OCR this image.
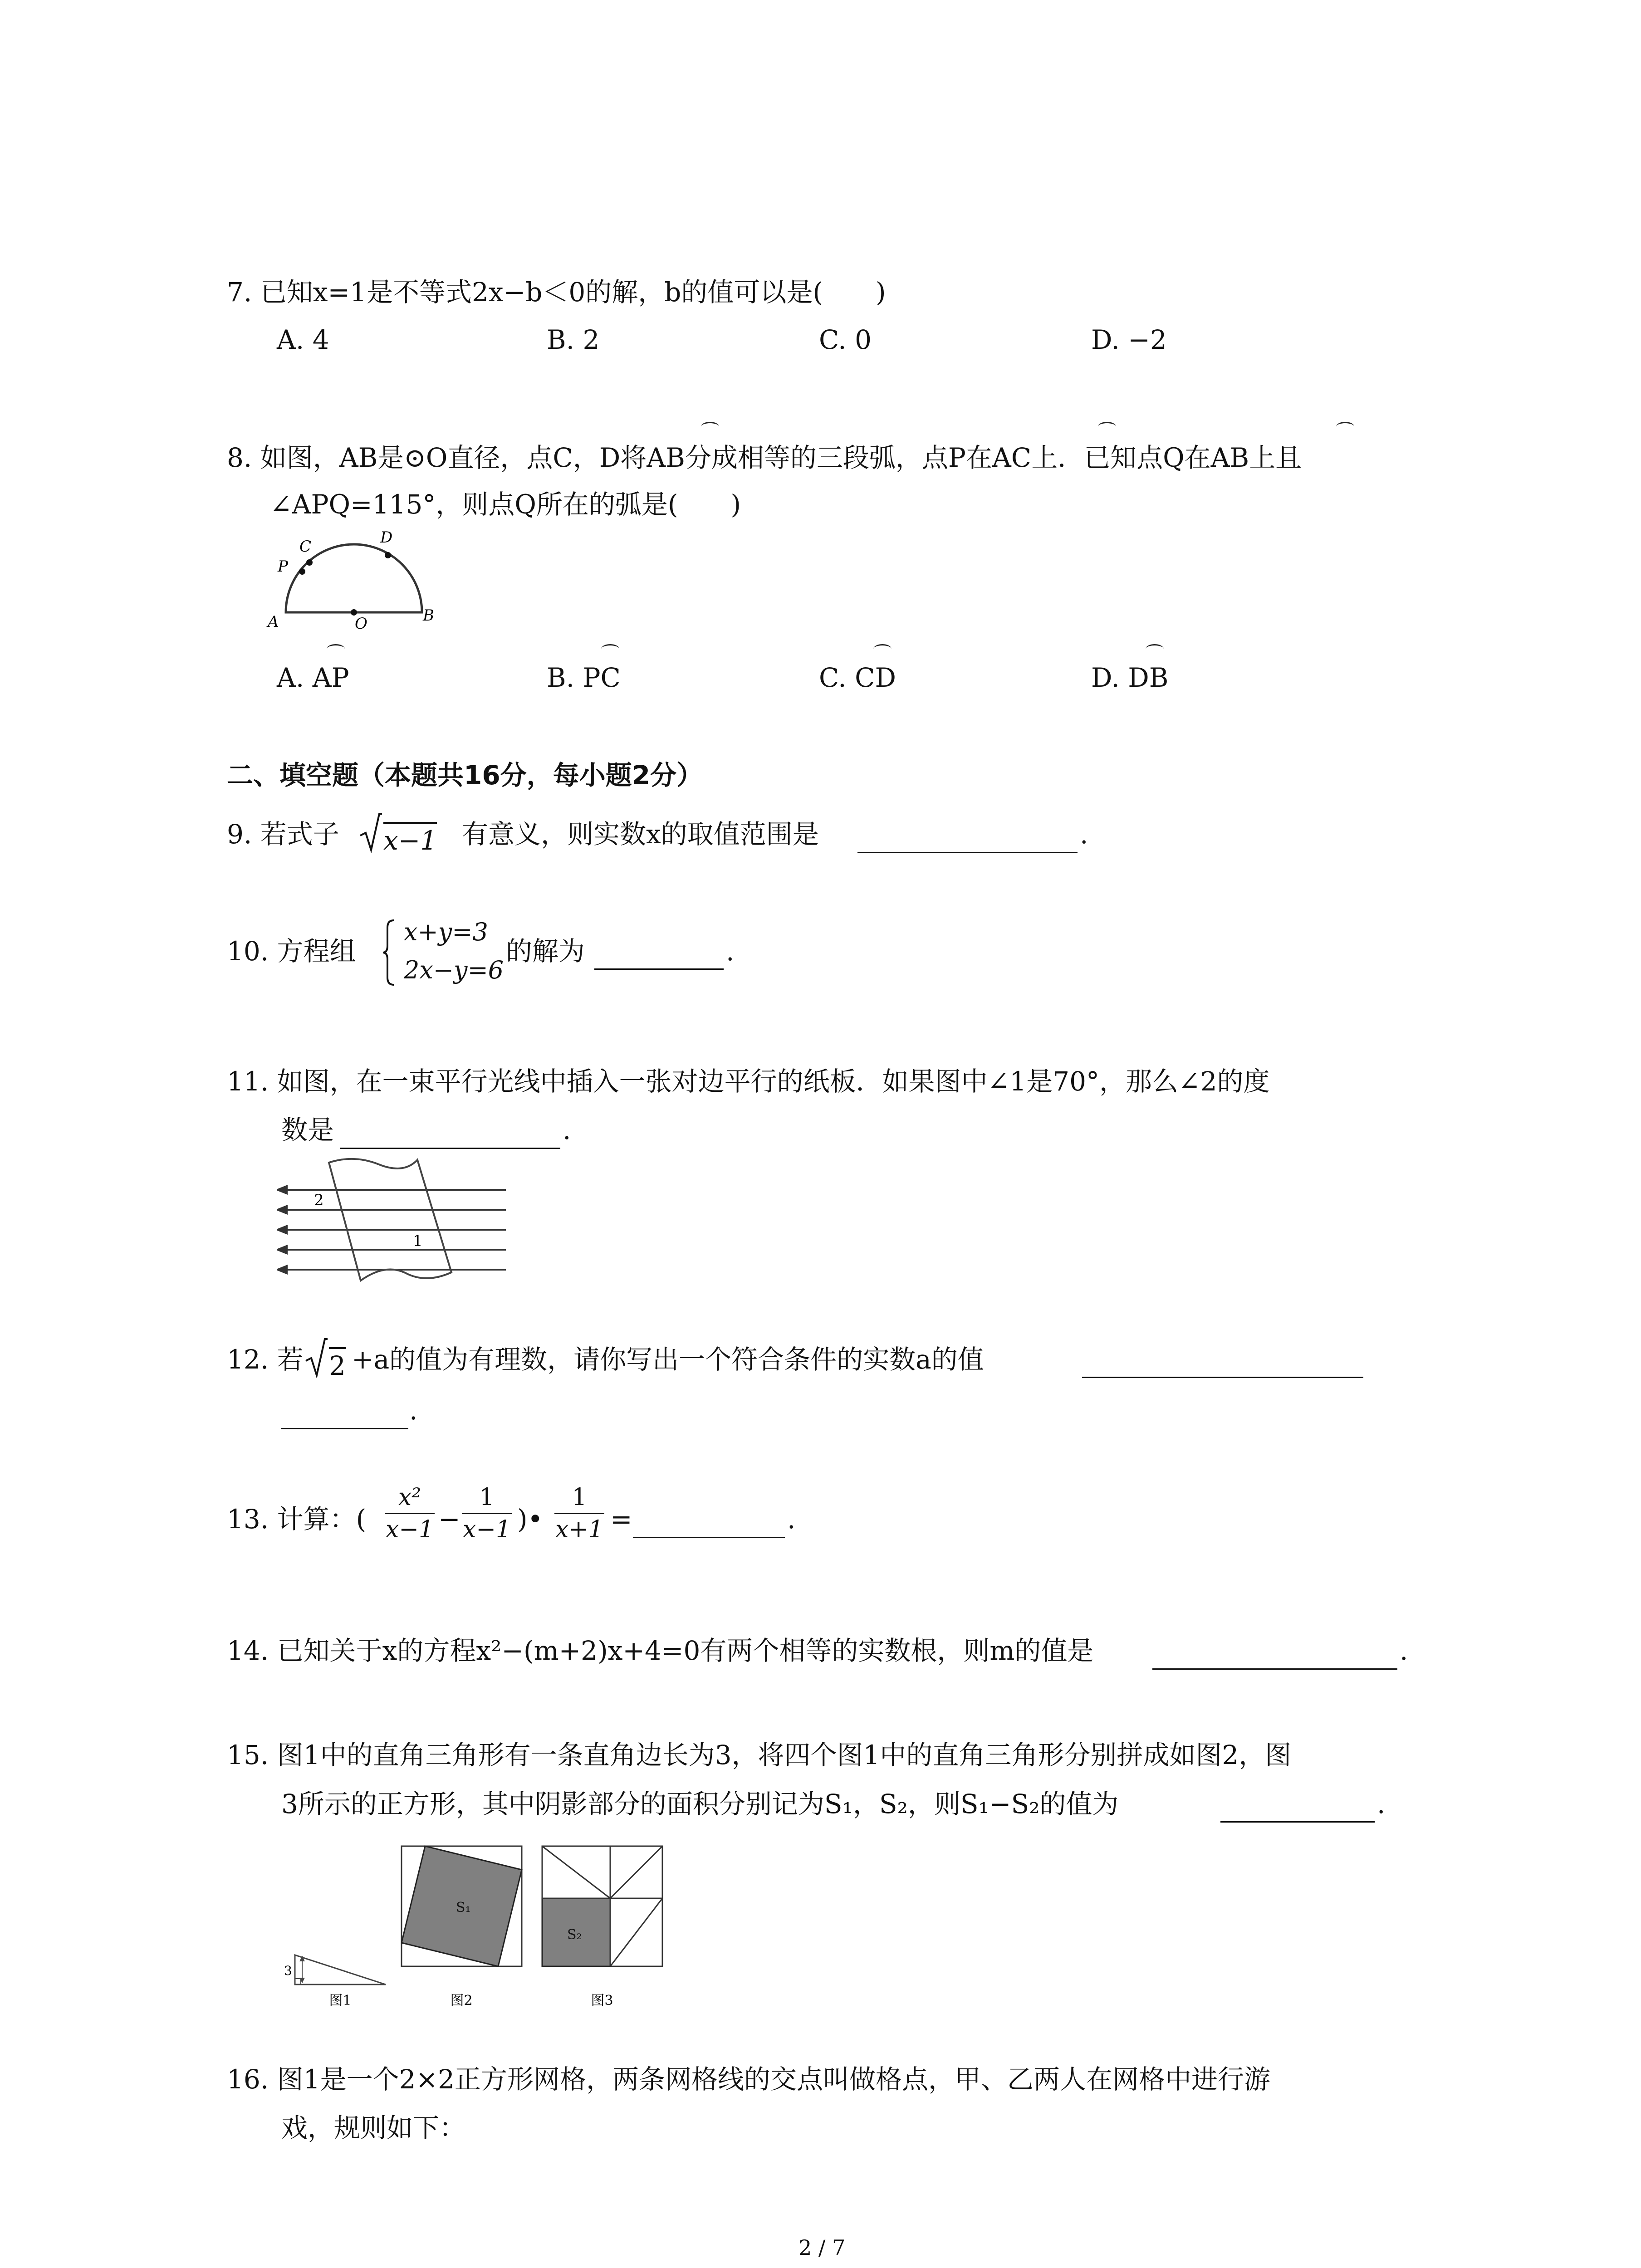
7. 已知x=1是不等式2x−b＜0的解，b的值可以是(　　)
A. 4	B. 2	C. 0	D. −2
8. 如图，AB是⊙O直径，点C，D将AB分成相等的三段弧，点P在AC上．已知点Q在AB上且
∠APQ=115°，则点Q所在的弧是(　　)
P
C	D
A	O	B
A. AP	B. PC	C. CD	D. DB
二、填空题（本题共16分，每小题2分）
9. 若式子 x−1 有意义，则实数x的取值范围是	.
10. 方程组
x+y=3
2x−y=6
的解为	.
11. 如图，在一束平行光线中插入一张对边平行的纸板．如果图中∠1是70°，那么∠2的度
数是	.
2
1
12. 若 2 +a的值为有理数，请你写出一个符合条件的实数a的值
.
13. 计算：(
x²
x−1 −
1
x−1 )•
1
x+1 =	.
14. 已知关于x的方程x²−(m+2)x+4=0有两个相等的实数根，则m的值是	.
15. 图1中的直角三角形有一条直角边长为3，将四个图1中的直角三角形分别拼成如图2，图
3所示的正方形，其中阴影部分的面积分别记为S₁，S₂，则S₁−S₂的值为	.
3
图1
S₁
图2
S₂
图3
16. 图1是一个2×2正方形网格，两条网格线的交点叫做格点，甲、乙两人在网格中进行游
戏，规则如下：
2 / 7
